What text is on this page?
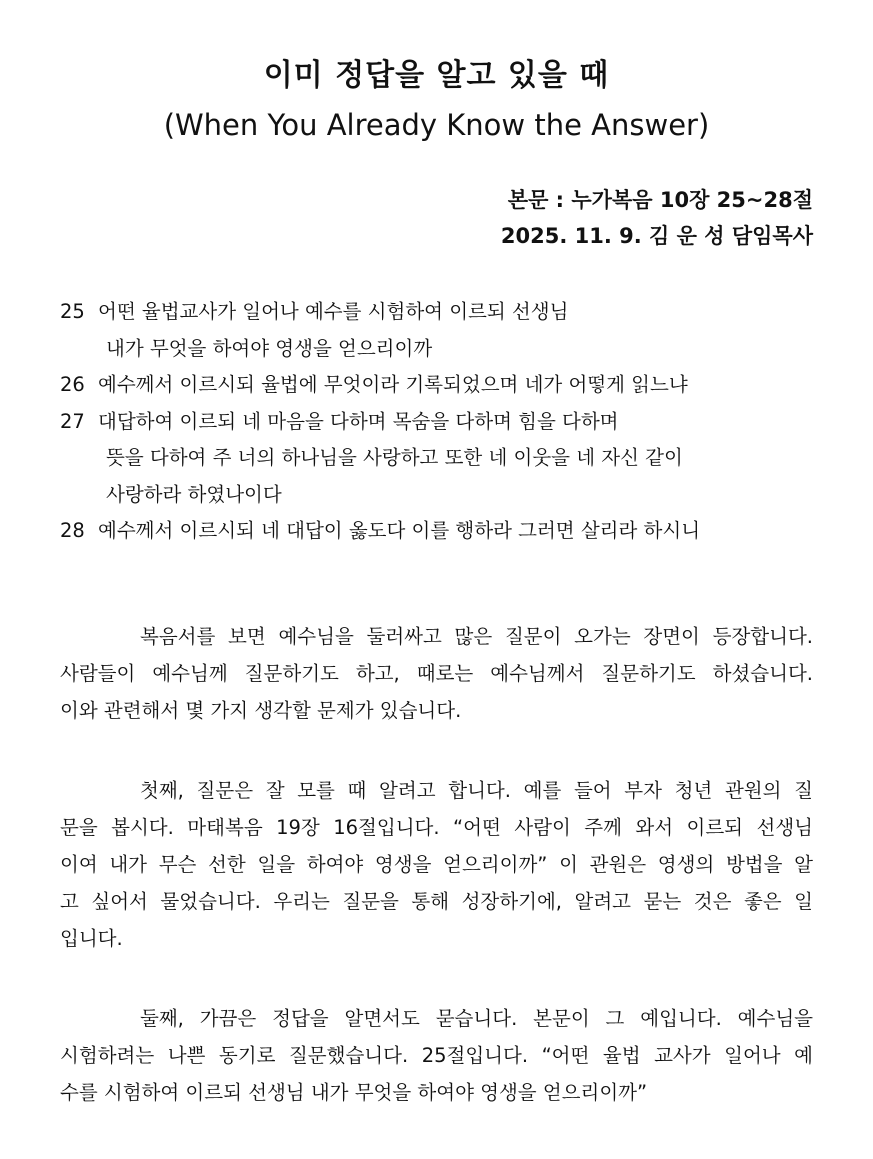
이미 정답을 알고 있을 때
(When You Already Know the Answer)

본문 : 누가복음 10장 25~28절

2025. 11. 9. 김 운 성 담임목사

25 어떤 율법교사가 일어나 예수를 시험하여 이르되 선생님
내가 무엇을 하여야 영생을 얻으리이까
26 예수께서 이르시되 율법에 무엇이라 기록되었으며 네가 어떻게 읽느냐
27 대답하여 이르되 네 마음을 다하며 목숨을 다하며 힘을 다하며
뜻을 다하여 주 너의 하나님을 사랑하고 또한 네 이웃을 네 자신 같이
사랑하라 하였나이다
28 예수께서 이르시되 네 대답이 옳도다 이를 행하라 그러면 살리라 하시니

복음서를 보면 예수님을 둘러싸고 많은 질문이 오가는 장면이 등장합니다.
사람들이 예수님께 질문하기도 하고, 때로는 예수님께서 질문하기도 하셨습니다.
이와 관련해서 몇 가지 생각할 문제가 있습니다.

첫째, 질문은 잘 모를 때 알려고 합니다. 예를 들어 부자 청년 관원의 질
문을 봅시다. 마태복음 19장 16절입니다. “어떤 사람이 주께 와서 이르되 선생님
이여 내가 무슨 선한 일을 하여야 영생을 얻으리이까” 이 관원은 영생의 방법을 알
고 싶어서 물었습니다. 우리는 질문을 통해 성장하기에, 알려고 묻는 것은 좋은 일
입니다.

둘째, 가끔은 정답을 알면서도 묻습니다. 본문이 그 예입니다. 예수님을
시험하려는 나쁜 동기로 질문했습니다. 25절입니다. “어떤 율법 교사가 일어나 예
수를 시험하여 이르되 선생님 내가 무엇을 하여야 영생을 얻으리이까”
